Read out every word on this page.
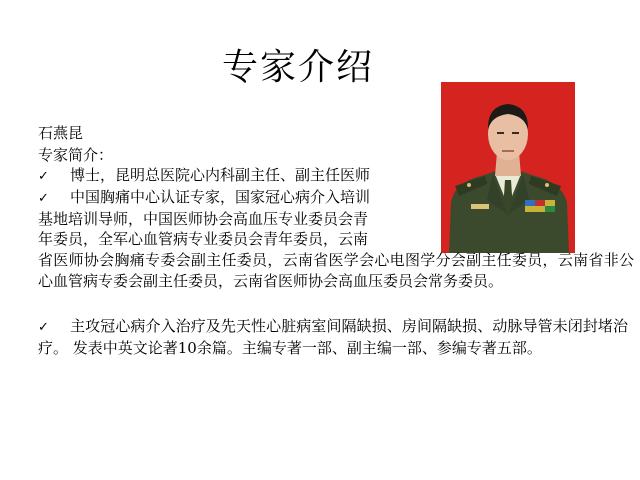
专家介绍
石燕昆
专家简介：
✓ 博士，昆明总医院心内科副主任、副主任医师
✓ 中国胸痛中心认证专家，国家冠心病介入培训
基地培训导师，中国医师协会高血压专业委员会青
年委员，全军心血管病专业委员会青年委员，云南
省医师协会胸痛专委会副主任委员，云南省医学会心电图学分会副主任委员，云南省非公心血管病专委会副主任委员，云南省医师协会高血压委员会常务委员。
✓ 主攻冠心病介入治疗及先天性心脏病室间隔缺损、房间隔缺损、动脉导管未闭封堵治疗。 发表中英文论著10余篇。主编专著一部、副主编一部、参编专著五部。
